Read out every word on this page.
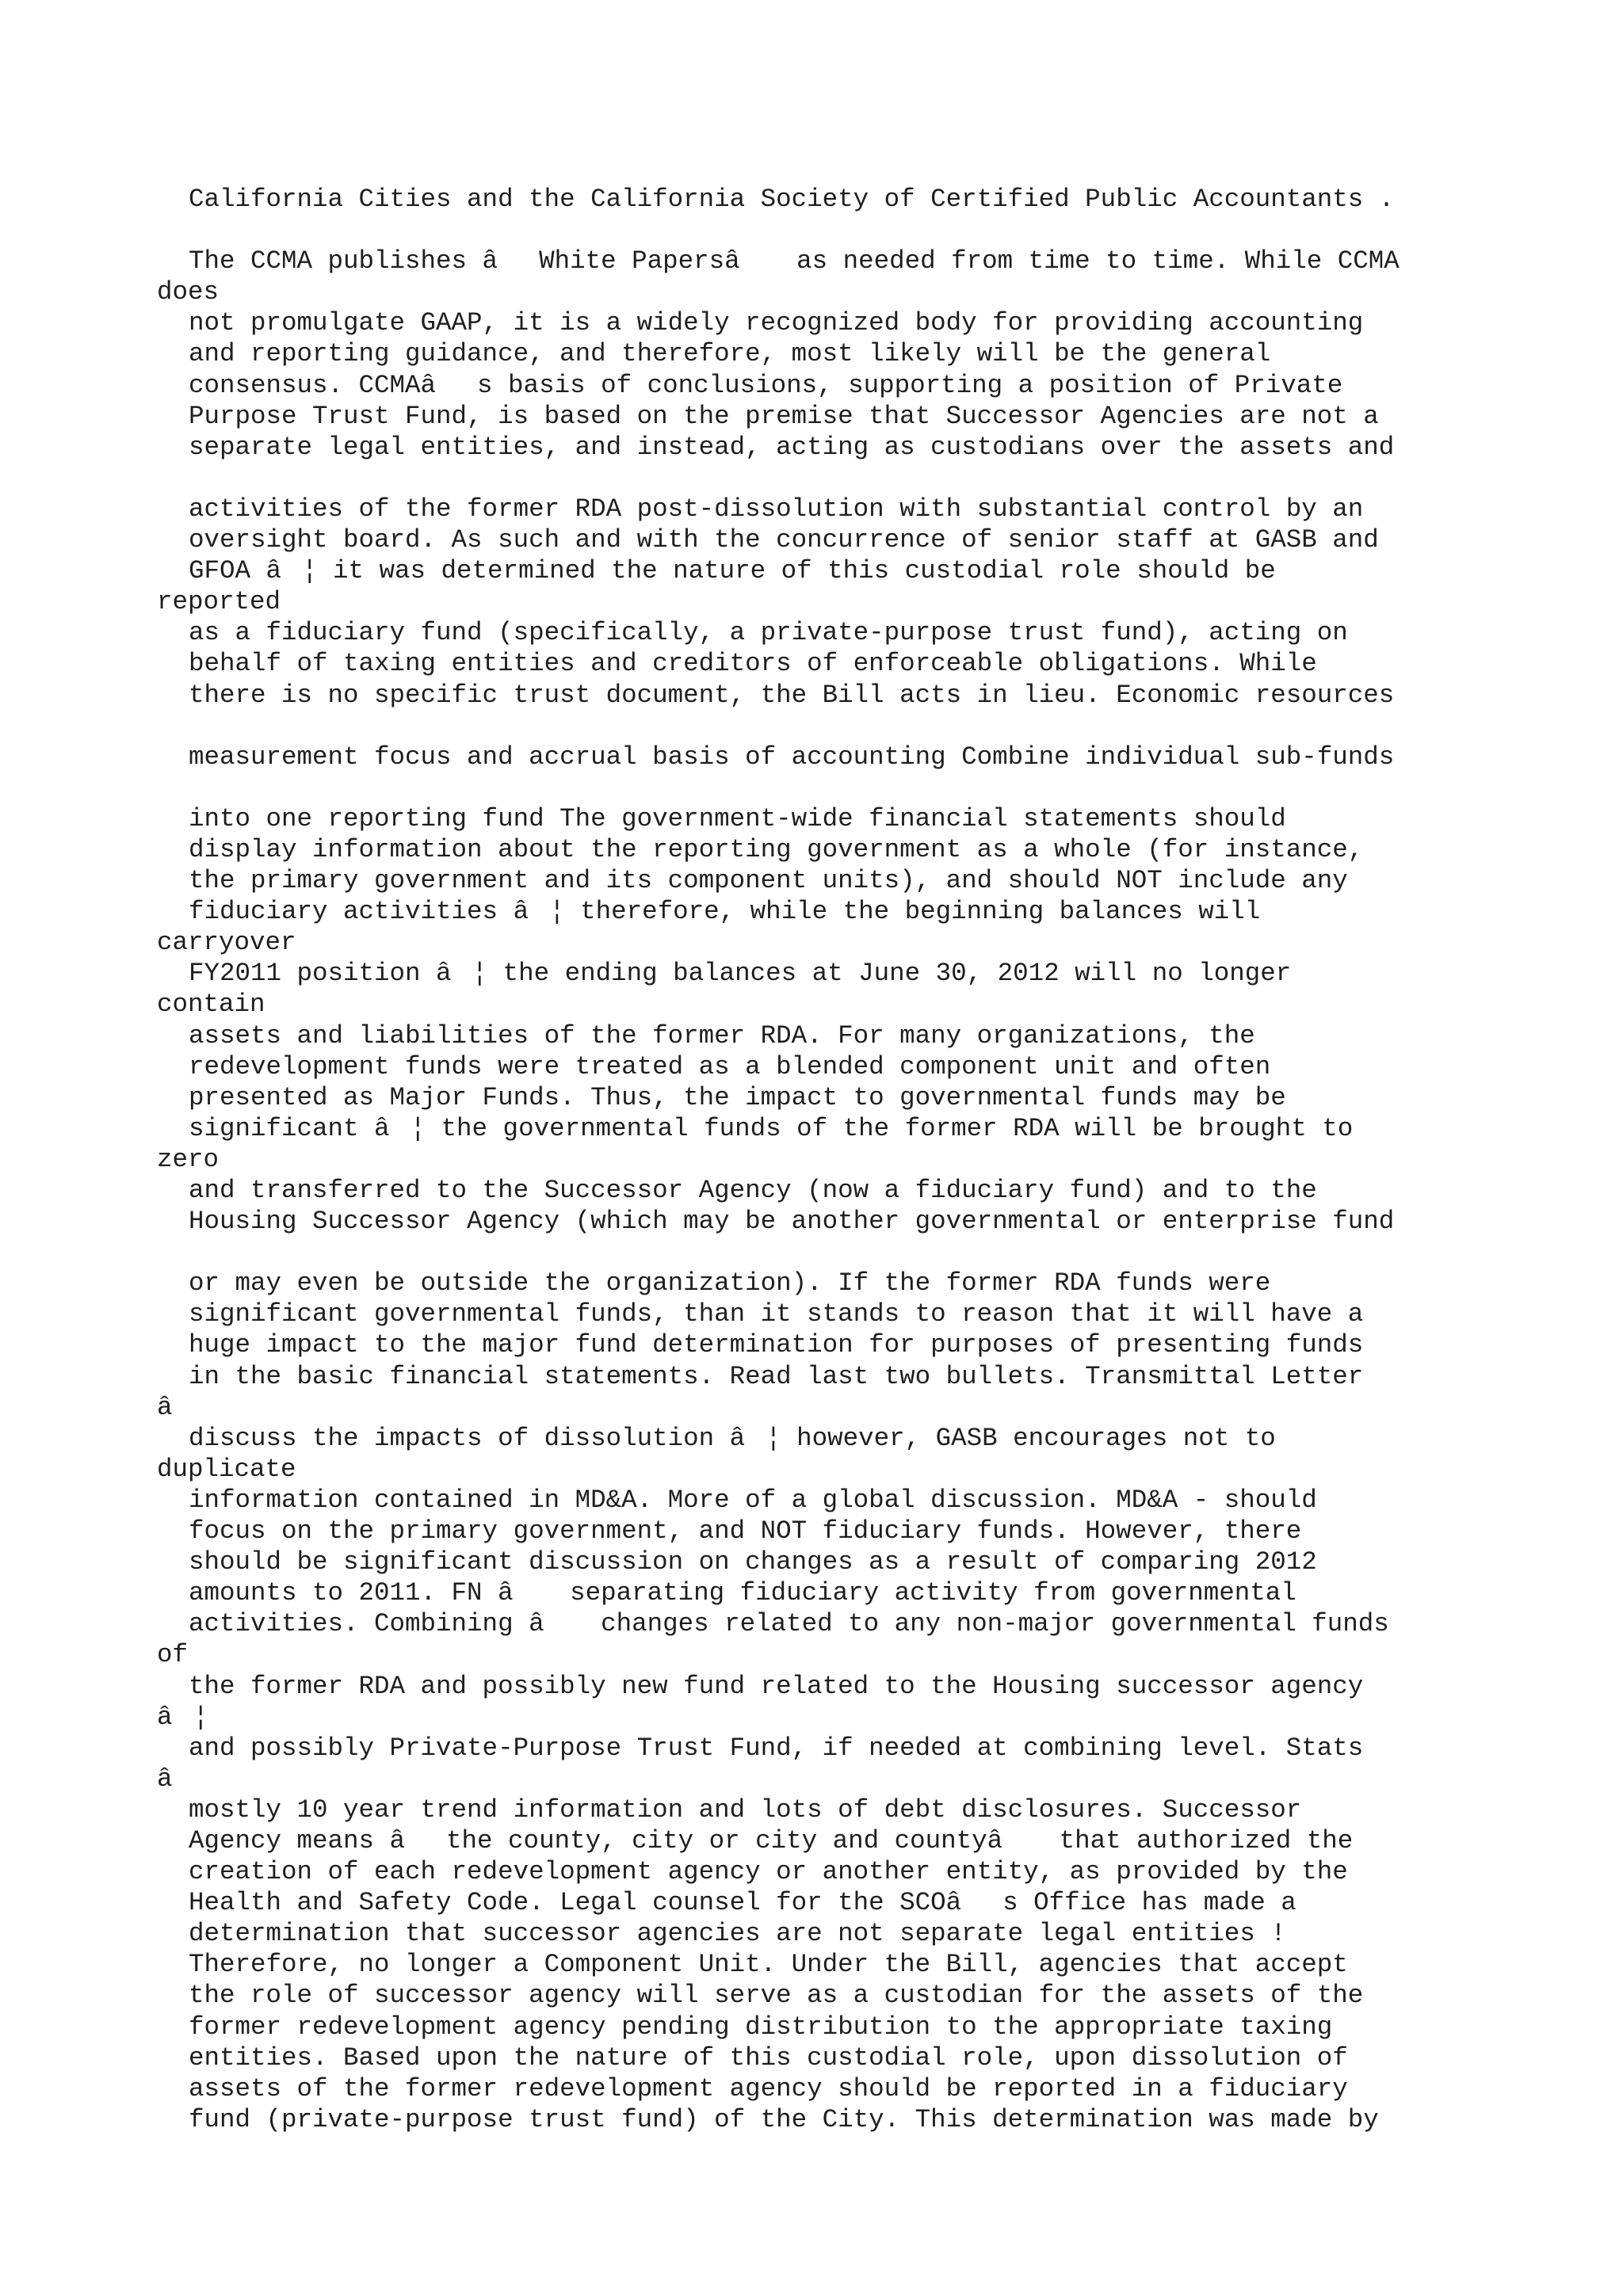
California Cities and the California Society of Certified Public Accountants .
The CCMA publishes âWhite Papersâ as needed from time to time. While CCMA
does
not promulgate GAAP, it is a widely recognized body for providing accounting
and reporting guidance, and therefore, most likely will be the general
consensus. CCMAâs basis of conclusions, supporting a position of Private
Purpose Trust Fund, is based on the premise that Successor Agencies are not a
separate legal entities, and instead, acting as custodians over the assets and
activities of the former RDA post-dissolution with substantial control by an
oversight board. As such and with the concurrence of senior staff at GASB and
GFOA â¦ it was determined the nature of this custodial role should be
reported
as a fiduciary fund (specifically, a private-purpose trust fund), acting on
behalf of taxing entities and creditors of enforceable obligations. While
there is no specific trust document, the Bill acts in lieu. Economic resources
measurement focus and accrual basis of accounting Combine individual sub-funds
into one reporting fund The government-wide financial statements should
display information about the reporting government as a whole (for instance,
the primary government and its component units), and should NOT include any
fiduciary activities â¦ therefore, while the beginning balances will
carryover
FY2011 position â¦ the ending balances at June 30, 2012 will no longer
contain
assets and liabilities of the former RDA. For many organizations, the
redevelopment funds were treated as a blended component unit and often
presented as Major Funds. Thus, the impact to governmental funds may be
significant â¦ the governmental funds of the former RDA will be brought to
zero
and transferred to the Successor Agency (now a fiduciary fund) and to the
Housing Successor Agency (which may be another governmental or enterprise fund
or may even be outside the organization). If the former RDA funds were
significant governmental funds, than it stands to reason that it will have a
huge impact to the major fund determination for purposes of presenting funds
in the basic financial statements. Read last two bullets. Transmittal Letter
â
discuss the impacts of dissolution â¦ however, GASB encourages not to
duplicate
information contained in MD&A. More of a global discussion. MD&A - should
focus on the primary government, and NOT fiduciary funds. However, there
should be significant discussion on changes as a result of comparing 2012
amounts to 2011. FN â separating fiduciary activity from governmental
activities. Combining â changes related to any non-major governmental funds
of
the former RDA and possibly new fund related to the Housing successor agency
â¦
and possibly Private-Purpose Trust Fund, if needed at combining level. Stats
â
mostly 10 year trend information and lots of debt disclosures. Successor
Agency means âthe county, city or city and countyâ that authorized the
creation of each redevelopment agency or another entity, as provided by the
Health and Safety Code. Legal counsel for the SCOâs Office has made a
determination that successor agencies are not separate legal entities !
Therefore, no longer a Component Unit. Under the Bill, agencies that accept
the role of successor agency will serve as a custodian for the assets of the
former redevelopment agency pending distribution to the appropriate taxing
entities. Based upon the nature of this custodial role, upon dissolution of
assets of the former redevelopment agency should be reported in a fiduciary
fund (private-purpose trust fund) of the City. This determination was made by
